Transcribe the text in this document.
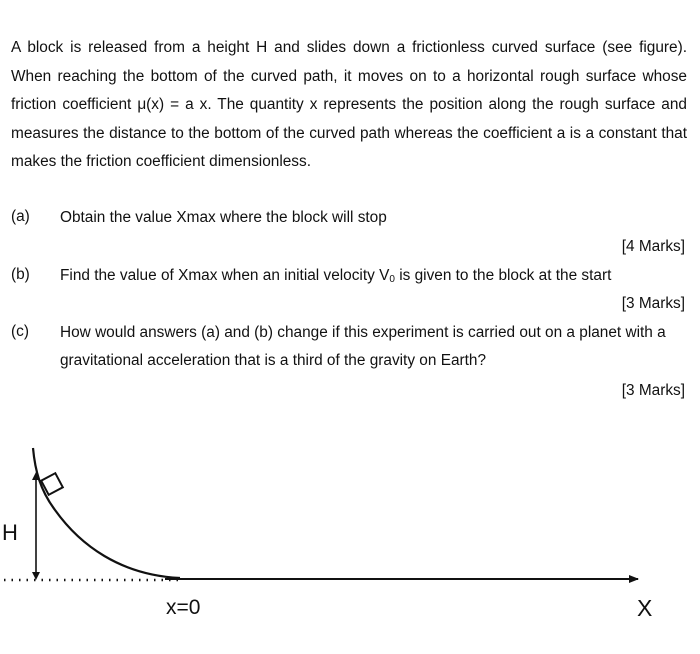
A block is released from a height H and slides down a frictionless curved surface (see figure). When reaching the bottom of the curved path, it moves on to a horizontal rough surface whose friction coefficient μ(x) = a x. The quantity x represents the position along the rough surface and measures the distance to the bottom of the curved path whereas the coefficient a is a constant that makes the friction coefficient dimensionless.

(a) Obtain the value Xmax where the block will stop

[4 Marks]
(b) Find the value of Xmax when an initial velocity $V_0$ is given to the block at the start

[3 Marks]
(c) How would answers (a) and (b) change if this experiment is carried out on a planet with a gravitational acceleration that is a third of the gravity on Earth?

[3 Marks]
H
x=0	X
